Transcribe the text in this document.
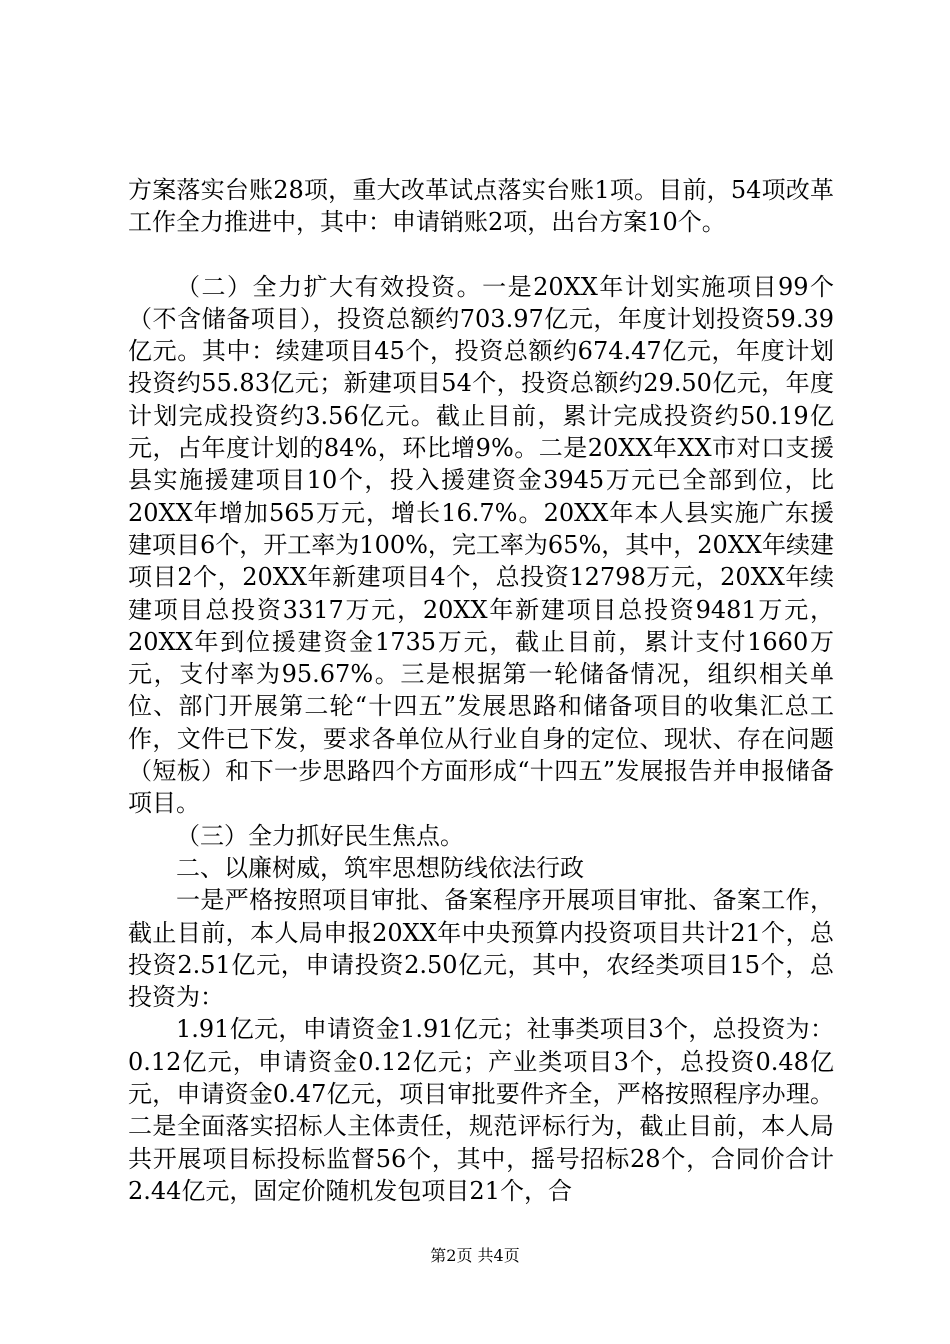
方案落实台账28项，重大改革试点落实台账1项。目前，54项改革工作全力推进中，其中：申请销账2项，出台方案10个。

（二）全力扩大有效投资。一是20XX年计划实施项目99个（不含储备项目），投资总额约703.97亿元，年度计划投资59.39亿元。其中：续建项目45个，投资总额约674.47亿元，年度计划投资约55.83亿元；新建项目54个，投资总额约29.50亿元，年度计划完成投资约3.56亿元。截止目前，累计完成投资约50.19亿元，占年度计划的84%，环比增9%。二是20XX年XX市对口支援县实施援建项目10个，投入援建资金3945万元已全部到位，比20XX年增加565万元，增长16.7%。20XX年本人县实施广东援建项目6个，开工率为100%，完工率为65%，其中，20XX年续建项目2个，20XX年新建项目4个，总投资12798万元，20XX年续建项目总投资3317万元，20XX年新建项目总投资9481万元，20XX年到位援建资金1735万元，截止目前，累计支付1660万元，支付率为95.67%。三是根据第一轮储备情况，组织相关单位、部门开展第二轮“十四五”发展思路和储备项目的收集汇总工作，文件已下发，要求各单位从行业自身的定位、现状、存在问题（短板）和下一步思路四个方面形成“十四五”发展报告并申报储备项目。

（三）全力抓好民生焦点。

二、以廉树威，筑牢思想防线依法行政

一是严格按照项目审批、备案程序开展项目审批、备案工作，截止目前，本人局申报20XX年中央预算内投资项目共计21个，总投资2.51亿元，申请投资2.50亿元，其中，农经类项目15个，总投资为：

1.91亿元，申请资金1.91亿元；社事类项目3个，总投资为：0.12亿元，申请资金0.12亿元；产业类项目3个，总投资0.48亿元，申请资金0.47亿元，项目审批要件齐全，严格按照程序办理。二是全面落实招标人主体责任，规范评标行为，截止目前，本人局共开展项目标投标监督56个，其中，摇号招标28个，合同价合计2.44亿元，固定价随机发包项目21个，合

第2页 共4页
